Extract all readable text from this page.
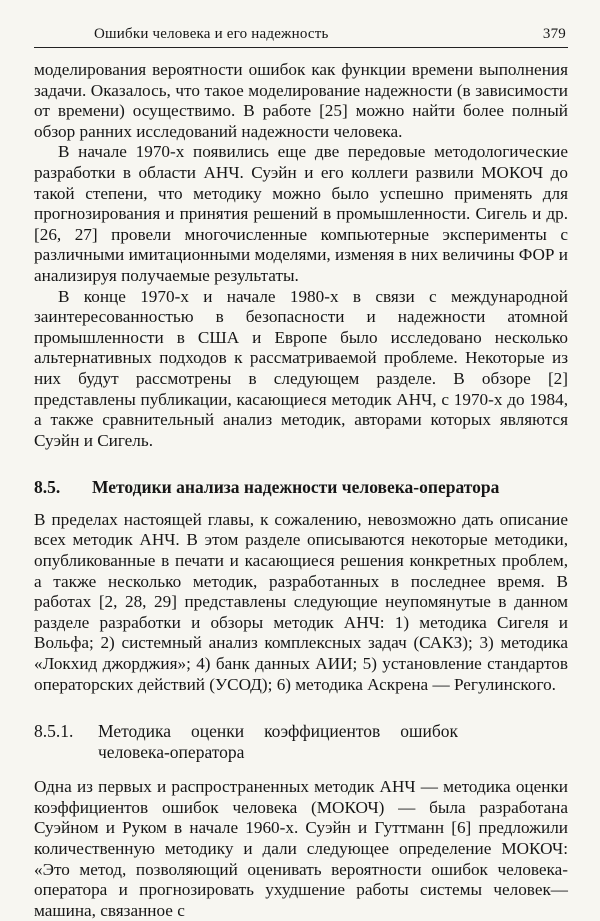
Ошибки человека и его надежность	379

моделирования вероятности ошибок как функции времени выполнения задачи. Оказалось, что такое моделирование надежности (в зависимости от времени) осуществимо. В работе [25] можно найти более полный обзор ранних исследований надежности человека.

В начале 1970-х появились еще две передовые методологические разработки в области АНЧ. Суэйн и его коллеги развили МОКОЧ до такой степени, что методику можно было успешно применять для прогнозирования и принятия решений в промышленности. Сигель и др. [26, 27] провели многочисленные компьютерные эксперименты с различными имитационными моделями, изменяя в них величины ФОР и анализируя получаемые результаты.

В конце 1970-х и начале 1980-х в связи с международной заинтересованностью в безопасности и надежности атомной промышленности в США и Европе было исследовано несколько альтернативных подходов к рассматриваемой проблеме. Некоторые из них будут рассмотрены в следующем разделе. В обзоре [2] представлены публикации, касающиеся методик АНЧ, с 1970-х до 1984, а также сравнительный анализ методик, авторами которых являются Суэйн и Сигель.

8.5.	Методики анализа надежности человека-оператора

В пределах настоящей главы, к сожалению, невозможно дать описание всех методик АНЧ. В этом разделе описываются некоторые методики, опубликованные в печати и касающиеся решения конкретных проблем, а также несколько методик, разработанных в последнее время. В работах [2, 28, 29] представлены следующие неупомянутые в данном разделе разработки и обзоры методик АНЧ: 1) методика Сигеля и Вольфа; 2) системный анализ комплексных задач (САКЗ); 3) методика «Локхид джорджия»; 4) банк данных АИИ; 5) установление стандартов операторских действий (УСОД); 6) методика Аскрена — Регулинского.

8.5.1.	Методика оценки коэффициентов ошибок человека-оператора

Одна из первых и распространенных методик АНЧ — методика оценки коэффициентов ошибок человека (МОКОЧ) — была разработана Суэйном и Руком в начале 1960-х. Суэйн и Гуттманн [6] предложили количественную методику и дали следующее определение МОКОЧ: «Это метод, позволяющий оценивать вероятности ошибок человека-оператора и прогнозировать ухудшение работы системы человек—машина, связанное с
